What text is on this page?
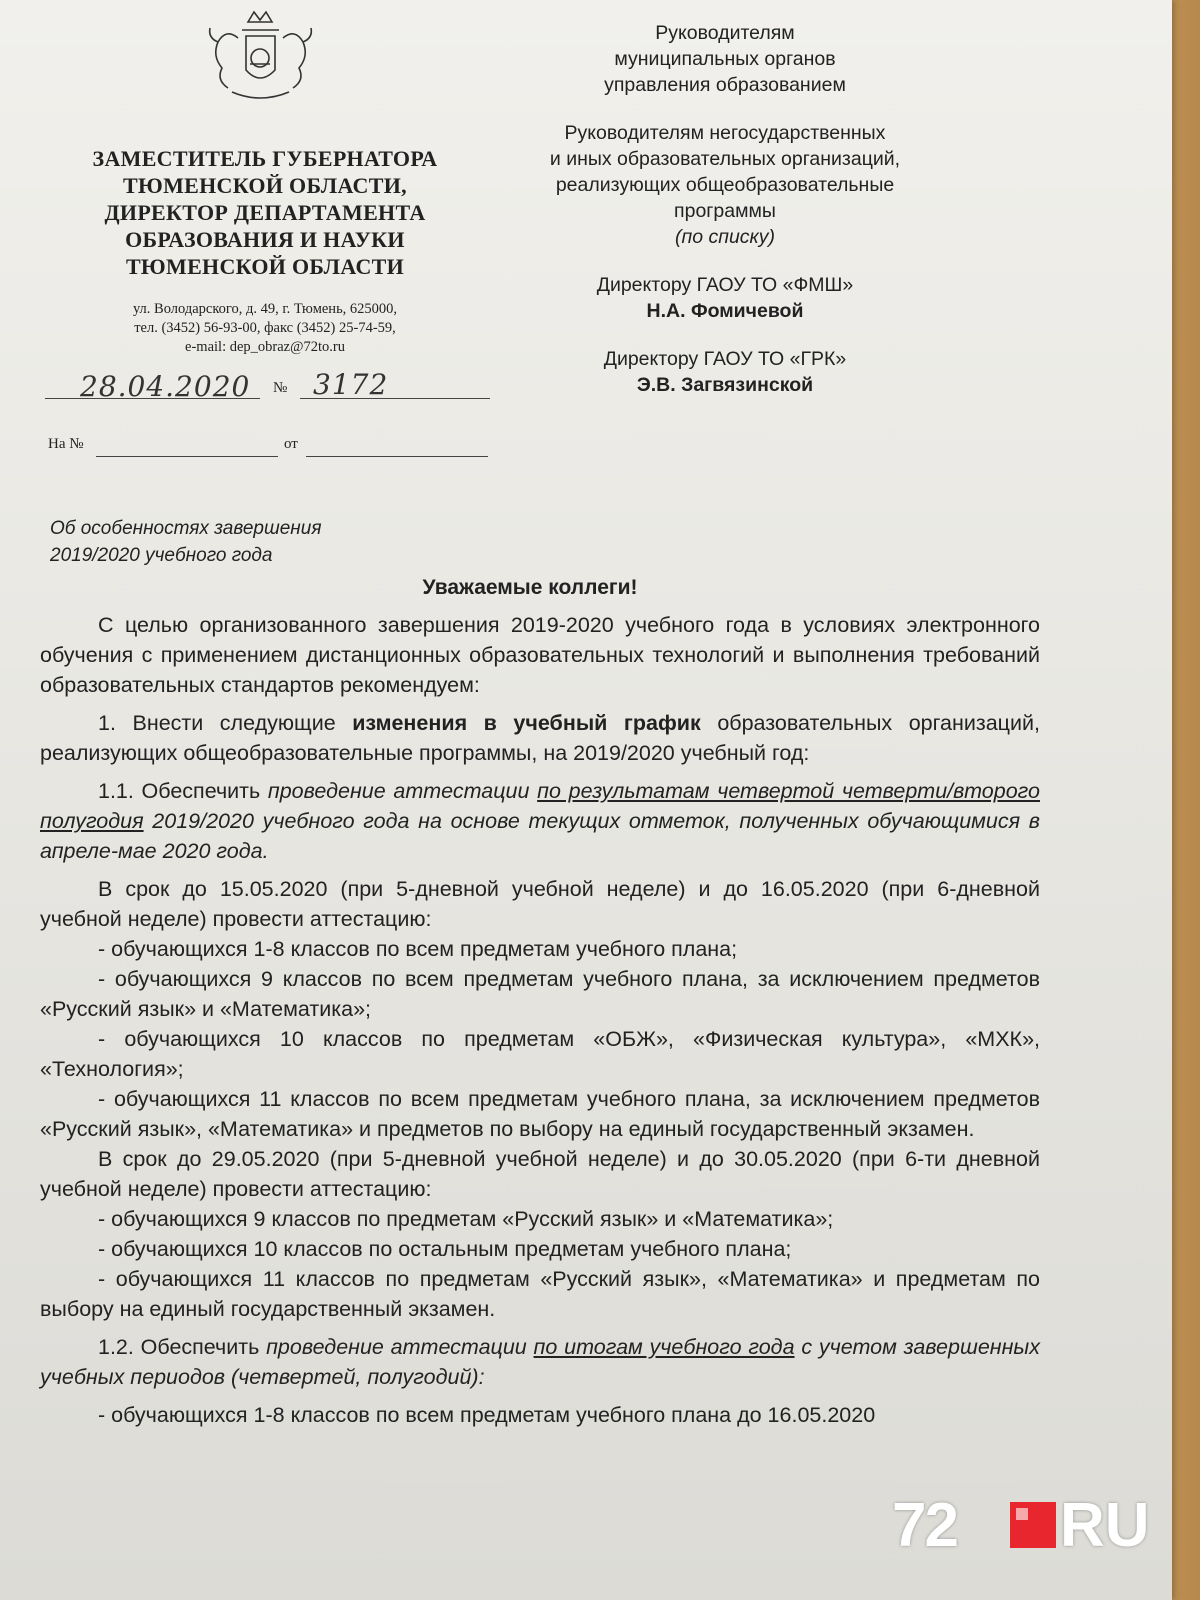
ЗАМЕСТИТЕЛЬ ГУБЕРНАТОРА
ТЮМЕНСКОЙ ОБЛАСТИ,
ДИРЕКТОР ДЕПАРТАМЕНТА
ОБРАЗОВАНИЯ И НАУКИ
ТЮМЕНСКОЙ ОБЛАСТИ
ул. Володарского, д. 49, г. Тюмень, 625000,
тел. (3452) 56-93-00, факс (3452) 25-74-59,
e-mail: dep_obraz@72to.ru
28.04.2020 № 3172
На №	от
Руководителям
муниципальных органов
управления образованием
Руководителям негосударственных
и иных образовательных организаций,
реализующих общеобразовательные
программы
(по списку)
Директору ГАОУ ТО «ФМШ»
Н.А. Фомичевой
Директору ГАОУ ТО «ГРК»
Э.В. Загвязинской
Об особенностях завершения
2019/2020 учебного года
Уважаемые коллеги!

С целью организованного завершения 2019-2020 учебного года в условиях электронного обучения с применением дистанционных образовательных технологий и выполнения требований образовательных стандартов рекомендуем:

1. Внести следующие изменения в учебный график образовательных организаций, реализующих общеобразовательные программы, на 2019/2020 учебный год:

1.1. Обеспечить проведение аттестации по результатам четвертой четверти/второго полугодия 2019/2020 учебного года на основе текущих отметок, полученных обучающимися в апреле-мае 2020 года.

В срок до 15.05.2020 (при 5-дневной учебной неделе) и до 16.05.2020 (при 6-дневной учебной неделе) провести аттестацию:

- обучающихся 1-8 классов по всем предметам учебного плана;
- обучающихся 9 классов по всем предметам учебного плана, за исключением предметов «Русский язык» и «Математика»;
- обучающихся 10 классов по предметам «ОБЖ», «Физическая культура», «МХК», «Технология»;
- обучающихся 11 классов по всем предметам учебного плана, за исключением предметов «Русский язык», «Математика» и предметов по выбору на единый государственный экзамен.

В срок до 29.05.2020 (при 5-дневной учебной неделе) и до 30.05.2020 (при 6-ти дневной учебной неделе) провести аттестацию:

- обучающихся 9 классов по предметам «Русский язык» и «Математика»;
- обучающихся 10 классов по остальным предметам учебного плана;
- обучающихся 11 классов по предметам «Русский язык», «Математика» и предметам по выбору на единый государственный экзамен.

1.2. Обеспечить проведение аттестации по итогам учебного года с учетом завершенных учебных периодов (четвертей, полугодий):

- обучающихся 1-8 классов по всем предметам учебного плана до 16.05.2020
72 RU
